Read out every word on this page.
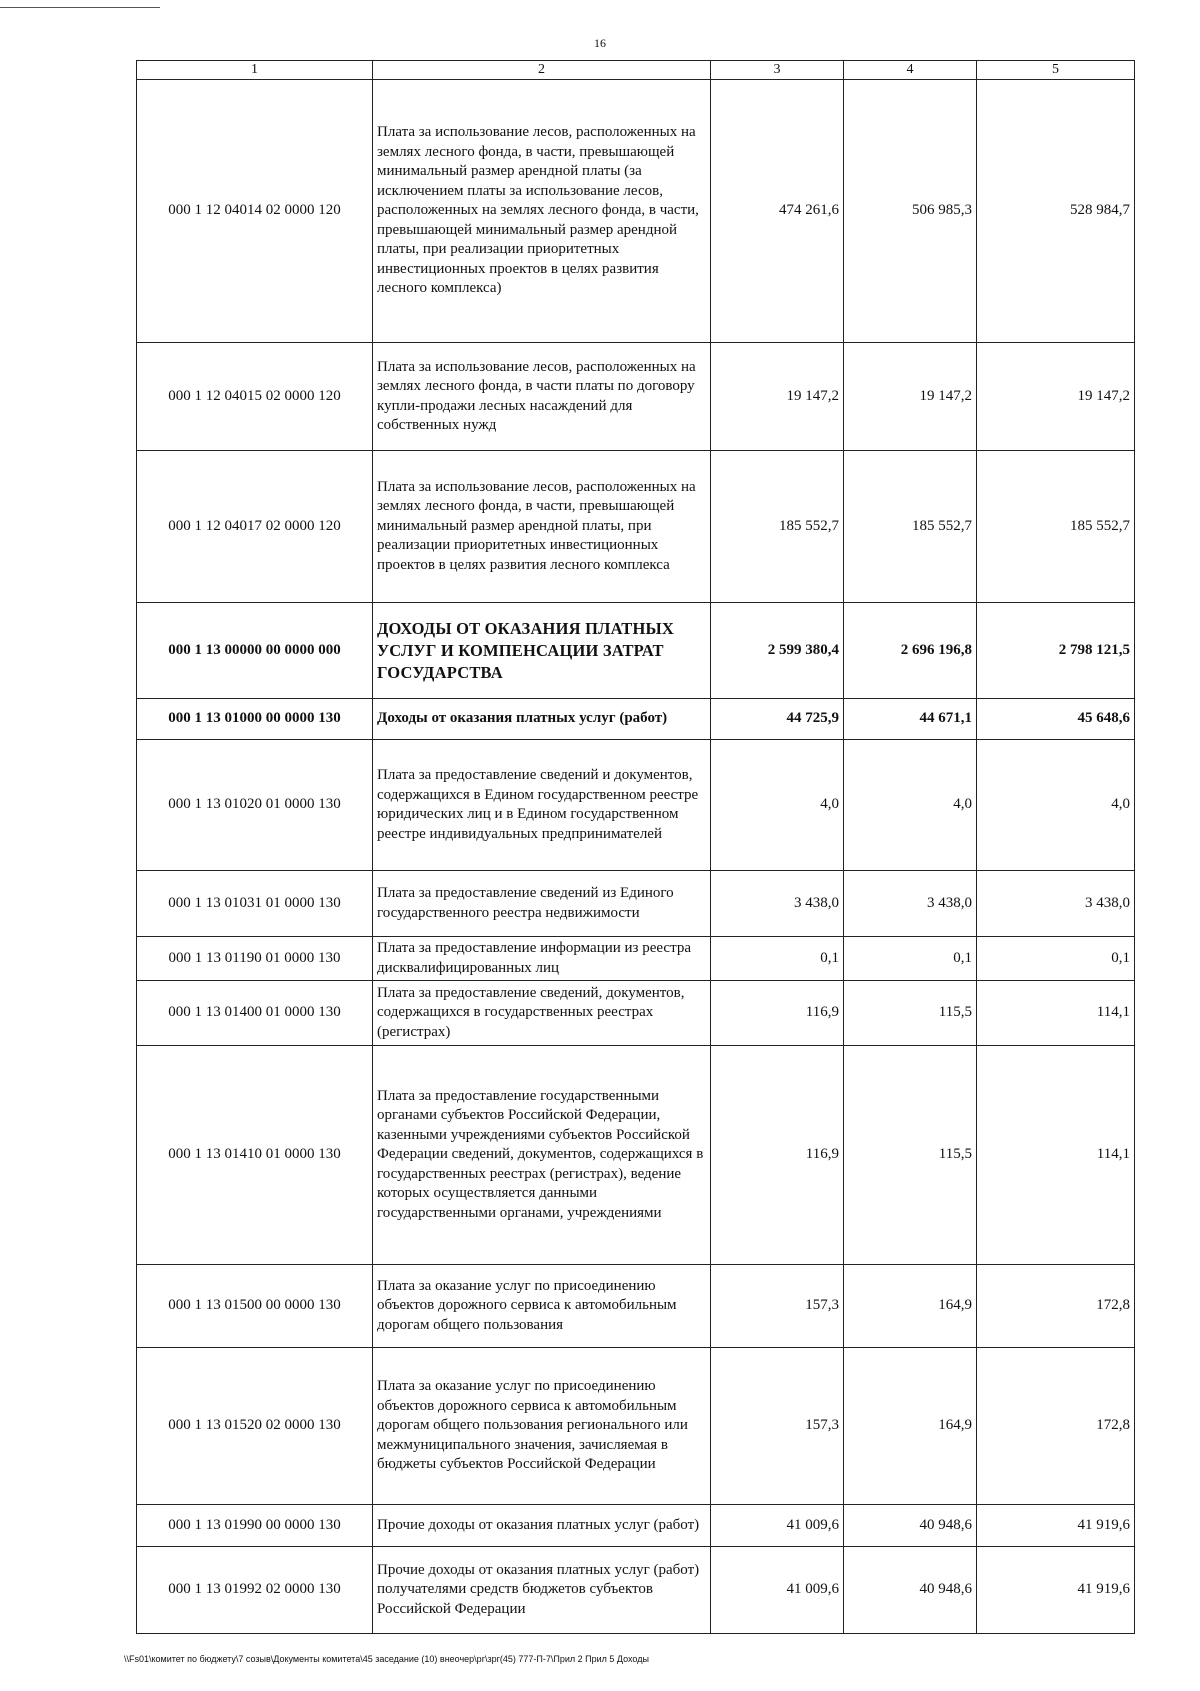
16
1	2	3	4	5
000 1 12 04014 02 0000 120	Плата за использование лесов, расположенных на землях лесного фонда, в части, превышающей минимальный размер арендной платы (за исключением платы за использование лесов, расположенных на землях лесного фонда, в части, превышающей минимальный размер арендной платы, при реализации приоритетных инвестиционных проектов в целях развития лесного комплекса)	474 261,6	506 985,3	528 984,7
000 1 12 04015 02 0000 120	Плата за использование лесов, расположенных на землях лесного фонда, в части платы по договору купли-продажи лесных насаждений для собственных нужд	19 147,2	19 147,2	19 147,2
000 1 12 04017 02 0000 120	Плата за использование лесов, расположенных на землях лесного фонда, в части, превышающей минимальный размер арендной платы, при реализации приоритетных инвестиционных проектов в целях развития лесного комплекса	185 552,7	185 552,7	185 552,7
000 1 13 00000 00 0000 000	ДОХОДЫ ОТ ОКАЗАНИЯ ПЛАТНЫХ УСЛУГ И КОМПЕНСАЦИИ ЗАТРАТ ГОСУДАРСТВА	2 599 380,4	2 696 196,8	2 798 121,5
000 1 13 01000 00 0000 130	Доходы от оказания платных услуг (работ)	44 725,9	44 671,1	45 648,6
000 1 13 01020 01 0000 130	Плата за предоставление сведений и документов, содержащихся в Едином государственном реестре юридических лиц и в Едином государственном реестре индивидуальных предпринимателей	4,0	4,0	4,0
000 1 13 01031 01 0000 130	Плата за предоставление сведений из Единого государственного реестра недвижимости	3 438,0	3 438,0	3 438,0
000 1 13 01190 01 0000 130	Плата за предоставление информации из реестра дисквалифицированных лиц	0,1	0,1	0,1
000 1 13 01400 01 0000 130	Плата за предоставление сведений, документов, содержащихся в государственных реестрах (регистрах)	116,9	115,5	114,1
000 1 13 01410 01 0000 130	Плата за предоставление государственными органами субъектов Российской Федерации, казенными учреждениями субъектов Российской Федерации сведений, документов, содержащихся в государственных реестрах (регистрах), ведение которых осуществляется данными государственными органами, учреждениями	116,9	115,5	114,1
000 1 13 01500 00 0000 130	Плата за оказание услуг по присоединению объектов дорожного сервиса к автомобильным дорогам общего пользования	157,3	164,9	172,8
000 1 13 01520 02 0000 130	Плата за оказание услуг по присоединению объектов дорожного сервиса к автомобильным дорогам общего пользования регионального или межмуниципального значения, зачисляемая в бюджеты субъектов Российской Федерации	157,3	164,9	172,8
000 1 13 01990 00 0000 130	Прочие доходы от оказания платных услуг (работ)	41 009,6	40 948,6	41 919,6
000 1 13 01992 02 0000 130	Прочие доходы от оказания платных услуг (работ) получателями средств бюджетов субъектов Российской Федерации	41 009,6	40 948,6	41 919,6
\\Fs01\комитет по бюджету\7 созыв\Документы комитета\45 заседание (10) внеочер\рг\зрг(45) 777-П-7\Прил 2 Прил 5 Доходы
